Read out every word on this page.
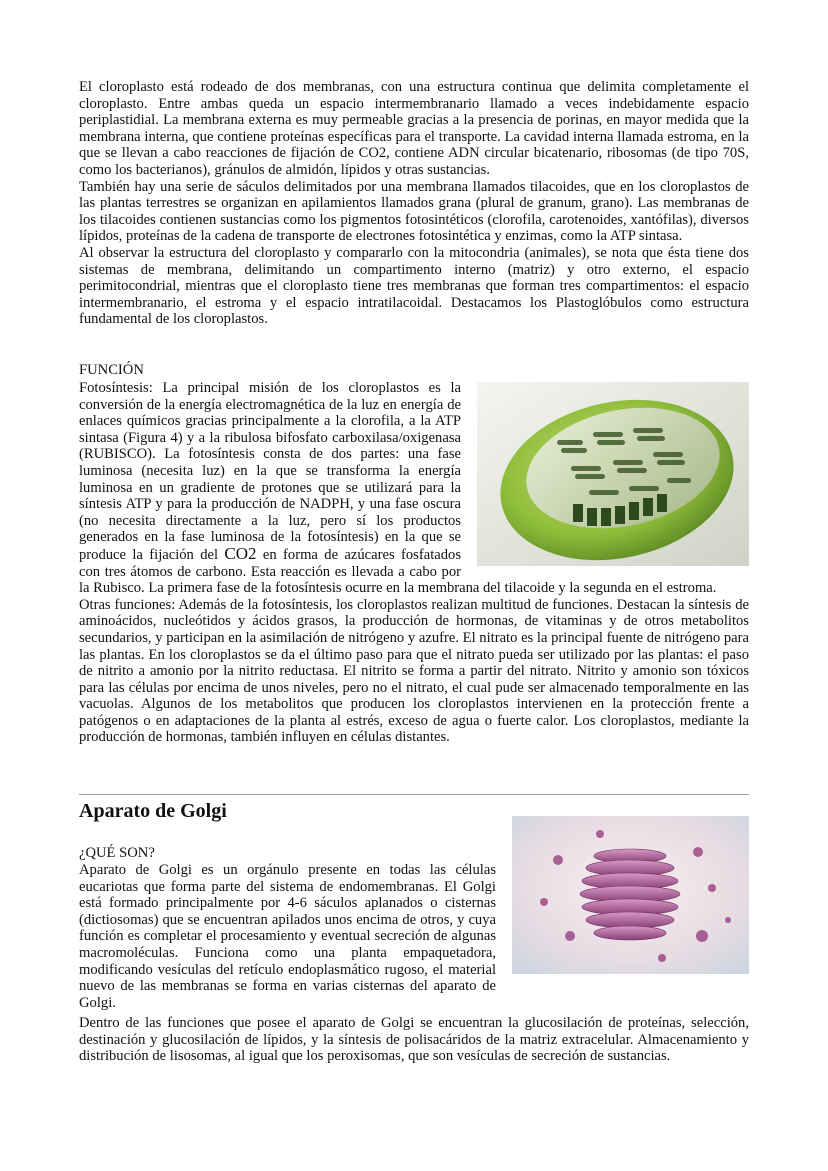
El cloroplasto está rodeado de dos membranas, con una estructura continua que delimita completamente el cloroplasto. Entre ambas queda un espacio intermembranario llamado a veces indebidamente espacio periplastidial. La membrana externa es muy permeable gracias a la presencia de porinas, en mayor medida que la membrana interna, que contiene proteínas específicas para el transporte. La cavidad interna llamada estroma, en la que se llevan a cabo reacciones de fijación de CO2, contiene ADN circular bicatenario, ribosomas (de tipo 70S, como los bacterianos), gránulos de almidón, lípidos y otras sustancias.

También hay una serie de sáculos delimitados por una membrana llamados tilacoides, que en los cloroplastos de las plantas terrestres se organizan en apilamientos llamados grana (plural de granum, grano). Las membranas de los tilacoides contienen sustancias como los pigmentos fotosintéticos (clorofila, carotenoides, xantófilas), diversos lípidos, proteínas de la cadena de transporte de electrones fotosintética y enzimas, como la ATP sintasa.

Al observar la estructura del cloroplasto y compararlo con la mitocondria (animales), se nota que ésta tiene dos sistemas de membrana, delimitando un compartimento interno (matriz) y otro externo, el espacio perimitocondrial, mientras que el cloroplasto tiene tres membranas que forman tres compartimentos: el espacio intermembranario, el estroma y el espacio intratilacoidal. Destacamos los Plastoglóbulos como estructura fundamental de los cloroplastos.

FUNCIÓN

Fotosíntesis: La principal misión de los cloroplastos es la conversión de la energía electromagnética de la luz en energía de enlaces químicos gracias principalmente a la clorofila, a la ATP sintasa (Figura 4) y a la ribulosa bifosfato carboxilasa/oxigenasa (RUBISCO). La fotosíntesis consta de dos partes: una fase luminosa (necesita luz) en la que se transforma la energía luminosa en un gradiente de protones que se utilizará para la síntesis ATP y para la producción de NADPH, y una fase oscura (no necesita directamente a la luz, pero sí los productos generados en la fase luminosa de la fotosíntesis) en la que se produce la fijación del CO2 en forma de azúcares fosfatados con tres átomos de carbono. Esta reacción es llevada a cabo por la Rubisco. La primera fase de la fotosíntesis ocurre en la membrana del tilacoide y la segunda en el estroma.

Otras funciones: Además de la fotosíntesis, los cloroplastos realizan multitud de funciones. Destacan la síntesis de aminoácidos, nucleótidos y ácidos grasos, la producción de hormonas, de vitaminas y de otros metabolitos secundarios, y participan en la asimilación de nitrógeno y azufre. El nitrato es la principal fuente de nitrógeno para las plantas. En los cloroplastos se da el último paso para que el nitrato pueda ser utilizado por las plantas: el paso de nitrito a amonio por la nitrito reductasa. El nitrito se forma a partir del nitrato. Nitrito y amonio son tóxicos para las células por encima de unos niveles, pero no el nitrato, el cual pude ser almacenado temporalmente en las vacuolas. Algunos de los metabolitos que producen los cloroplastos intervienen en la protección frente a patógenos o en adaptaciones de la planta al estrés, exceso de agua o fuerte calor. Los cloroplastos, mediante la producción de hormonas, también influyen en células distantes.

Aparato de Golgi
¿QUÉ SON?

Aparato de Golgi es un orgánulo presente en todas las células eucariotas que forma parte del sistema de endomembranas. El Golgi está formado principalmente por 4-6 sáculos aplanados o cisternas (dictiosomas) que se encuentran apilados unos encima de otros, y cuya función es completar el procesamiento y eventual secreción de algunas macromoléculas. Funciona como una planta empaquetadora, modificando vesículas del retículo endoplasmático rugoso, el material nuevo de las membranas se forma en varias cisternas del aparato de Golgi.

Dentro de las funciones que posee el aparato de Golgi se encuentran la glucosilación de proteínas, selección, destinación y glucosilación de lípidos, y la síntesis de polisacáridos de la matriz extracelular. Almacenamiento y distribución de lisosomas, al igual que los peroxisomas, que son vesículas de secreción de sustancias.
